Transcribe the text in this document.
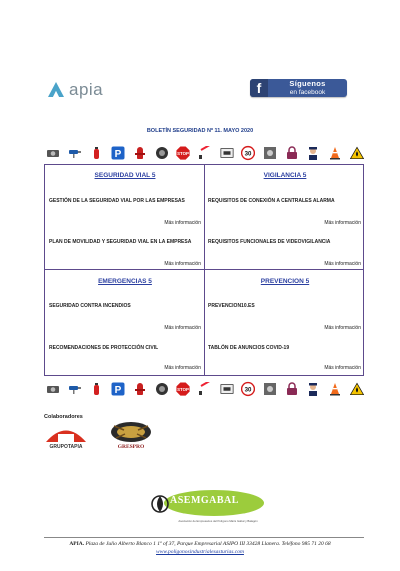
apia	f	Síguenos
en facebook
BOLETÍN SEGURIDAD Nº 11. MAYO 2020
P	STOP	30
SEGURIDAD VIAL 5
GESTIÓN DE LA SEGURIDAD VIAL POR LAS EMPRESAS
Más información
PLAN DE MOVILIDAD Y SEGURIDAD VIAL EN LA EMPRESA
Más información
VIGILANCIA 5
REQUISITOS DE CONEXIÓN A CENTRALES ALARMA
Más información
REQUISITOS FUNCIONALES DE VIDEOVIGILANCIA
Más información
EMERGENCIAS 5
SEGURIDAD CONTRA INCENDIOS
Más información
RECOMENDACIONES DE PROTECCIÓN CIVIL
Más información
PREVENCION 5
PREVENCION10.ES
Más información
TABLÓN DE ANUNCIOS COVID-19
Más información
P	STOP	30
Colaboradores
GRUPOTAPIA	GRESPRO
ASEMGABAL
Asociación de Empresarios del Polígono Maris Gabal y Balagón
APIA. Plaza de Julio Alberto Blanco 1 1º of 37, Parque Empresarial ASIPO III 33428 Llanera. Teléfono 985 71 20 68
www.poligonosindustrialesasturias.com
